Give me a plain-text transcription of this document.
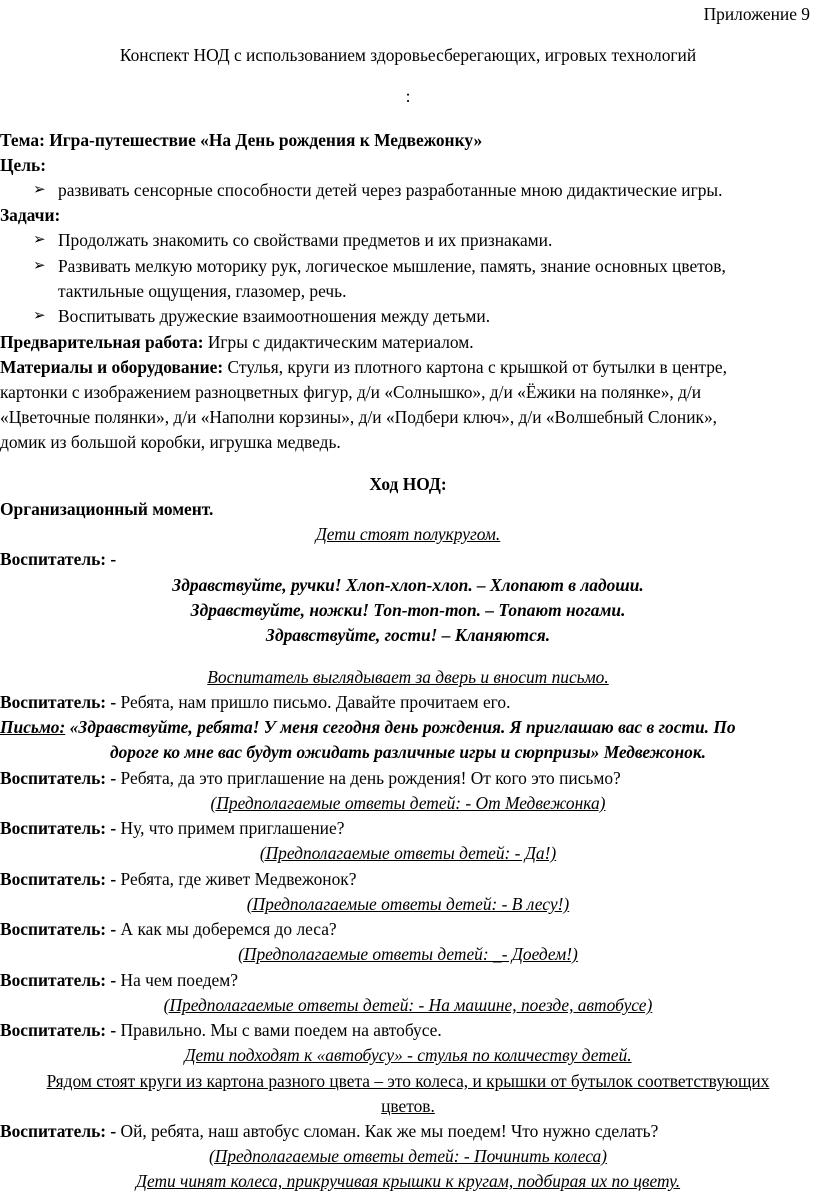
Приложение 9
Конспект НОД с использованием здоровьесберегающих, игровых технологий
:
Тема: Игра-путешествие «На День рождения к Медвежонку»
Цель:
➢ развивать сенсорные способности детей через разработанные мною дидактические игры.
Задачи:
➢ Продолжать знакомить со свойствами предметов и их признаками.
➢ Развивать мелкую моторику рук, логическое мышление, память, знание основных цветов,
тактильные ощущения, глазомер, речь.
➢ Воспитывать дружеские взаимоотношения между детьми.
Предварительная работа: Игры с дидактическим материалом.
Материалы и оборудование: Стулья, круги из плотного картона с крышкой от бутылки в центре,
картонки с изображением разноцветных фигур, д/и «Солнышко», д/и «Ёжики на полянке», д/и
«Цветочные полянки», д/и «Наполни корзины», д/и «Подбери ключ», д/и «Волшебный Слоник»,
домик из большой коробки, игрушка медведь.
Ход НОД:
Организационный момент.
Дети стоят полукругом.
Воспитатель: -
Здравствуйте, ручки! Хлоп-хлоп-хлоп. – Хлопают в ладоши.
Здравствуйте, ножки! Топ-топ-топ. – Топают ногами.
Здравствуйте, гости! – Кланяются.
Воспитатель выглядывает за дверь и вносит письмо.
Воспитатель: - Ребята, нам пришло письмо. Давайте прочитаем его.
Письмо: «Здравствуйте, ребята! У меня сегодня день рождения. Я приглашаю вас в гости. По
дороге ко мне вас будут ожидать различные игры и сюрпризы» Медвежонок.
Воспитатель: - Ребята, да это приглашение на день рождения! От кого это письмо?
(Предполагаемые ответы детей: - От Медвежонка)
Воспитатель: - Ну, что примем приглашение?
(Предполагаемые ответы детей: - Да!)
Воспитатель: - Ребята, где живет Медвежонок?
(Предполагаемые ответы детей: - В лесу!)
Воспитатель: - А как мы доберемся до леса?
(Предполагаемые ответы детей: _- Доедем!)
Воспитатель: - На чем поедем?
(Предполагаемые ответы детей: - На машине, поезде, автобусе)
Воспитатель: - Правильно. Мы с вами поедем на автобусе.
Дети подходят к «автобусу» - стулья по количеству детей.
Рядом стоят круги из картона разного цвета – это колеса, и крышки от бутылок соответствующих
цветов.
Воспитатель: - Ой, ребята, наш автобус сломан. Как же мы поедем! Что нужно сделать?
(Предполагаемые ответы детей: - Починить колеса)
Дети чинят колеса, прикручивая крышки к кругам, подбирая их по цвету.
